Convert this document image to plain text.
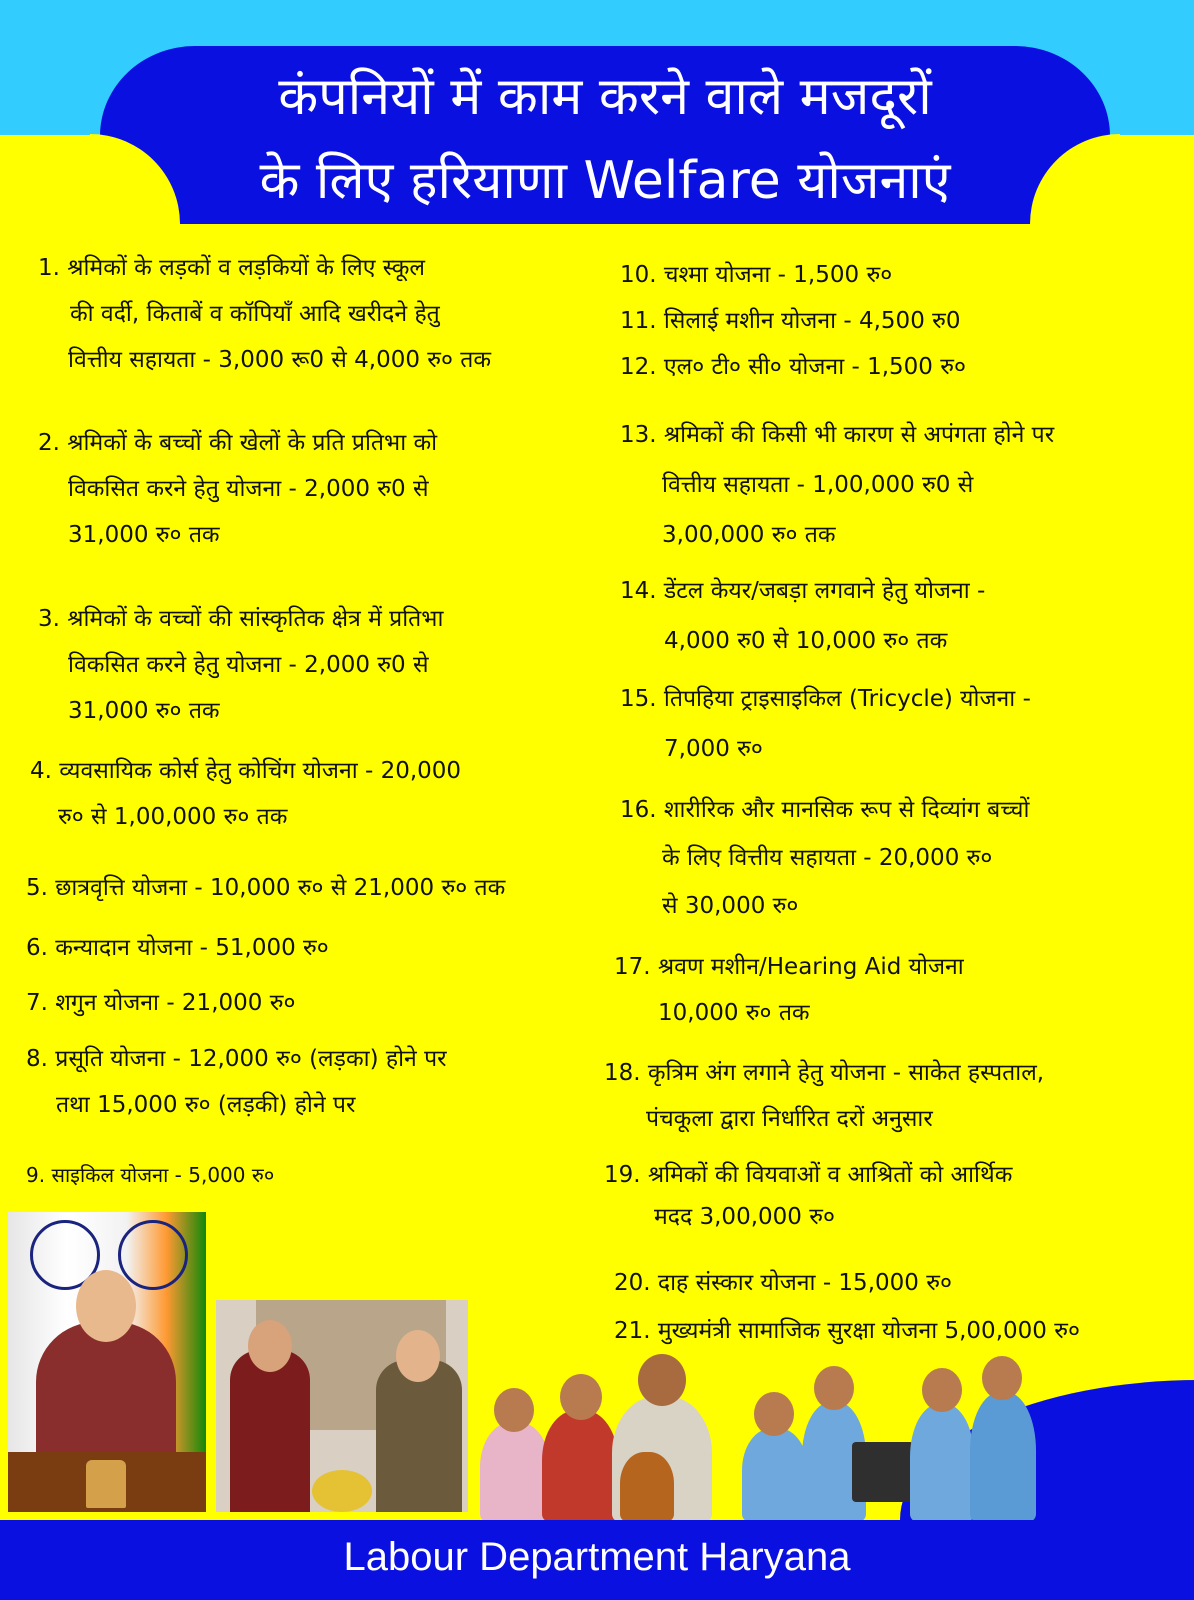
कंपनियों में काम करने वाले मजदूरों
के लिए हरियाणा Welfare योजनाएं
1. श्रमिकों के लड़कों व लड़कियों के लिए स्कूल
की वर्दी, किताबें व कॉपियाँ आदि खरीदने हेतु
वित्तीय सहायता - 3,000 रू0 से 4,000 रु० तक
2. श्रमिकों के बच्चों की खेलों के प्रति प्रतिभा को
विकसित करने हेतु योजना - 2,000 रु0 से
31,000 रु० तक
3. श्रमिकों के वच्चों की सांस्कृतिक क्षेत्र में प्रतिभा
विकसित करने हेतु योजना - 2,000 रु0 से
31,000 रु० तक
4. व्यवसायिक कोर्स हेतु कोचिंग योजना - 20,000
रु० से 1,00,000 रु० तक
5. छात्रवृत्ति योजना - 10,000 रु० से 21,000 रु० तक
6. कन्यादान योजना - 51,000 रु०
7. शगुन योजना - 21,000 रु०
8. प्रसूति योजना - 12,000 रु० (लड़का) होने पर
तथा 15,000 रु० (लड़की) होने पर
9. साइकिल योजना - 5,000 रु०
10. चश्मा योजना - 1,500 रु०
11. सिलाई मशीन योजना - 4,500 रु0
12. एल० टी० सी० योजना - 1,500 रु०
13. श्रमिकों की किसी भी कारण से अपंगता होने पर
वित्तीय सहायता - 1,00,000 रु0 से
3,00,000 रु० तक
14. डेंटल केयर/जबड़ा लगवाने हेतु योजना -
4,000 रु0 से 10,000 रु० तक
15. तिपहिया ट्राइसाइकिल (Tricycle) योजना -
7,000 रु०
16. शारीरिक और मानसिक रूप से दिव्यांग बच्चों
के लिए वित्तीय सहायता - 20,000 रु०
से 30,000 रु०
17. श्रवण मशीन/Hearing Aid योजना
10,000 रु० तक
18. कृत्रिम अंग लगाने हेतु योजना - साकेत हस्पताल,
पंचकूला द्वारा निर्धारित दरों अनुसार
19. श्रमिकों की वियवाओं व आश्रितों को आर्थिक
मदद 3,00,000 रु०
20. दाह संस्कार योजना - 15,000 रु०
21. मुख्यमंत्री सामाजिक सुरक्षा योजना 5,00,000 रु०
Labour Department Haryana
